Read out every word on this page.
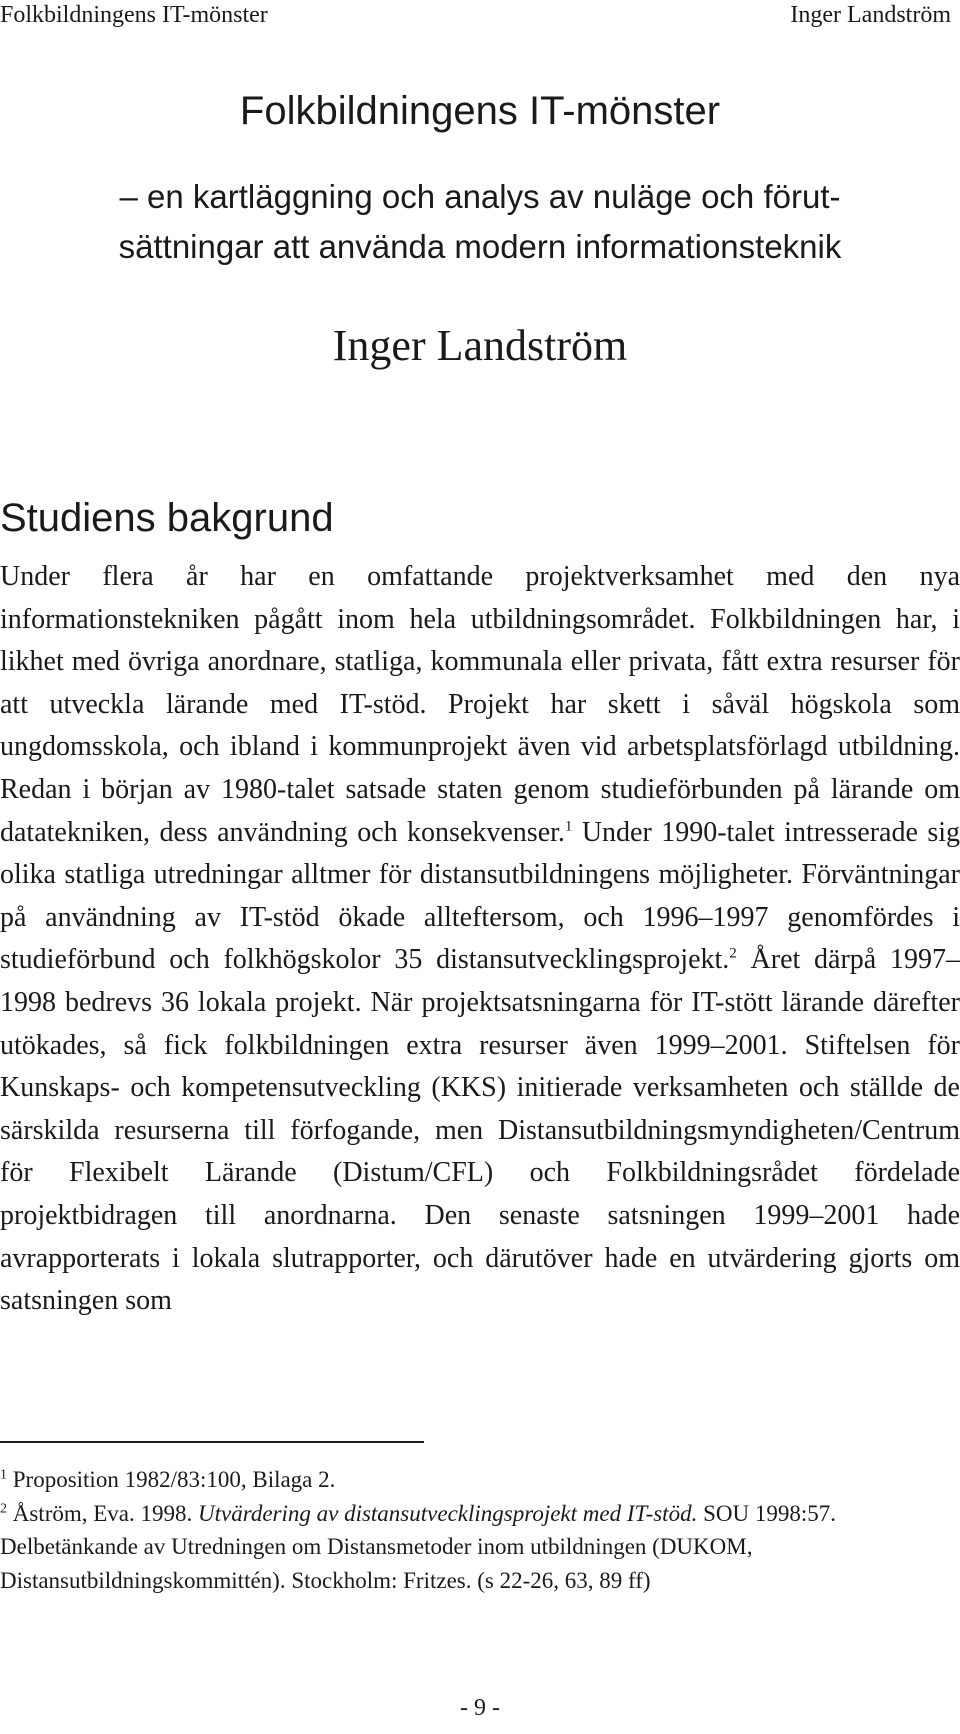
Folkbildningens IT-mönster	Inger Landström
Folkbildningens IT-mönster
– en kartläggning och analys av nuläge och förut-
sättningar att använda modern informationsteknik
Inger Landström
Studiens bakgrund
Under flera år har en omfattande projektverksamhet med den nya informationstekniken pågått inom hela utbildningsområdet. Folkbildningen har, i likhet med övriga anordnare, statliga, kommunala eller privata, fått extra resurser för att utveckla lärande med IT-stöd. Projekt har skett i såväl högskola som ungdomsskola, och ibland i kommunprojekt även vid arbetsplatsförlagd utbildning. Redan i början av 1980-talet satsade staten genom studieförbunden på lärande om datatekniken, dess användning och konsekvenser.$^1$ Under 1990-talet intresserade sig olika statliga utredningar alltmer för distansutbildningens möjligheter. Förväntningar på användning av IT-stöd ökade allteftersom, och 1996–1997 genomfördes i studieförbund och folkhögskolor 35 distansutvecklingsprojekt.$^2$ Året därpå 1997–1998 bedrevs 36 lokala projekt. När projektsatsningarna för IT-stött lärande därefter utökades, så fick folkbildningen extra resurser även 1999–2001. Stiftelsen för Kunskaps- och kompetensutveckling (KKS) initierade verksamheten och ställde de särskilda resurserna till förfogande, men Distansutbildningsmyndigheten/Centrum för Flexibelt Lärande (Distum/CFL) och Folkbildningsrådet fördelade projektbidragen till anordnarna. Den senaste satsningen 1999–2001 hade avrapporterats i lokala slutrapporter, och därutöver hade en utvärdering gjorts om satsningen som

$^1$ Proposition 1982/83:100, Bilaga 2.

$^2$ Åström, Eva. 1998. Utvärdering av distansutvecklingsprojekt med IT-stöd. SOU 1998:57. Delbetänkande av Utredningen om Distansmetoder inom utbildningen (DUKOM, Distansutbildningskommittén). Stockholm: Fritzes. (s 22-26, 63, 89 ff)

- 9 -
